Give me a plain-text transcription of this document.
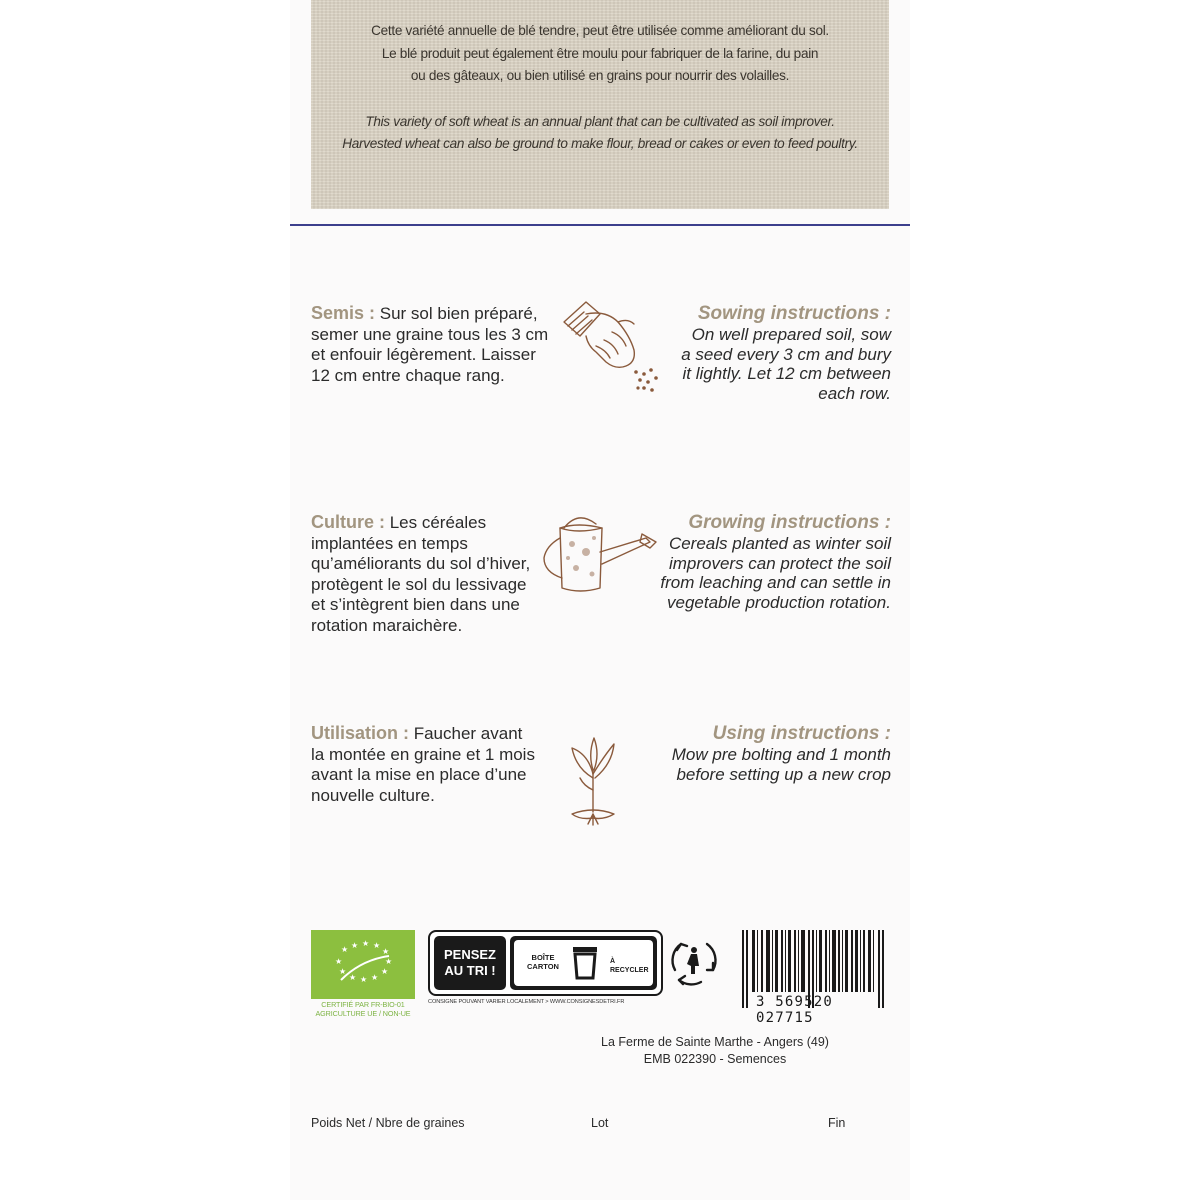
Cette variété annuelle de blé tendre, peut être utilisée comme améliorant du sol.

Le blé produit peut également être moulu pour fabriquer de la farine, du pain

ou des gâteaux, ou bien utilisé en grains pour nourrir des volailles.

This variety of soft wheat is an annual plant that can be cultivated as soil improver.

Harvested wheat can also be ground to make flour, bread or cakes or even to feed poultry.

Semis : Sur sol bien préparé,
semer une graine tous les 3 cm
et enfouir légèrement. Laisser
12 cm entre chaque rang.
Sowing instructions :
On well prepared soil, sow
a seed every 3 cm and bury
it lightly. Let 12 cm between
each row.
Culture : Les céréales
implantées en temps
qu’améliorants du sol d’hiver,
protègent le sol du lessivage
et s’intègrent bien dans une
rotation maraichère.
Growing instructions :
Cereals planted as winter soil
improvers can protect the soil
from leaching and can settle in
vegetable production rotation.
Utilisation : Faucher avant
la montée en graine et 1 mois
avant la mise en place d’une
nouvelle culture.
Using instructions :
Mow pre bolting and 1 month
before setting up a new crop
★ ★ ★ ★
★
★
★
★
★
★
★
★
CERTIFIÉ PAR FR-BIO-01
AGRICULTURE UE / NON-UE
PENSEZ
AU TRI !
BOÎTE
CARTON
À RECYCLER
CONSIGNE POUVANT VARIER LOCALEMENT > WWW.CONSIGNESDETRI.FR	3 569520 027715

La Ferme de Sainte Marthe - Angers (49)

EMB 022390 - Semences

Poids Net / Nbre de graines	Lot	Fin
